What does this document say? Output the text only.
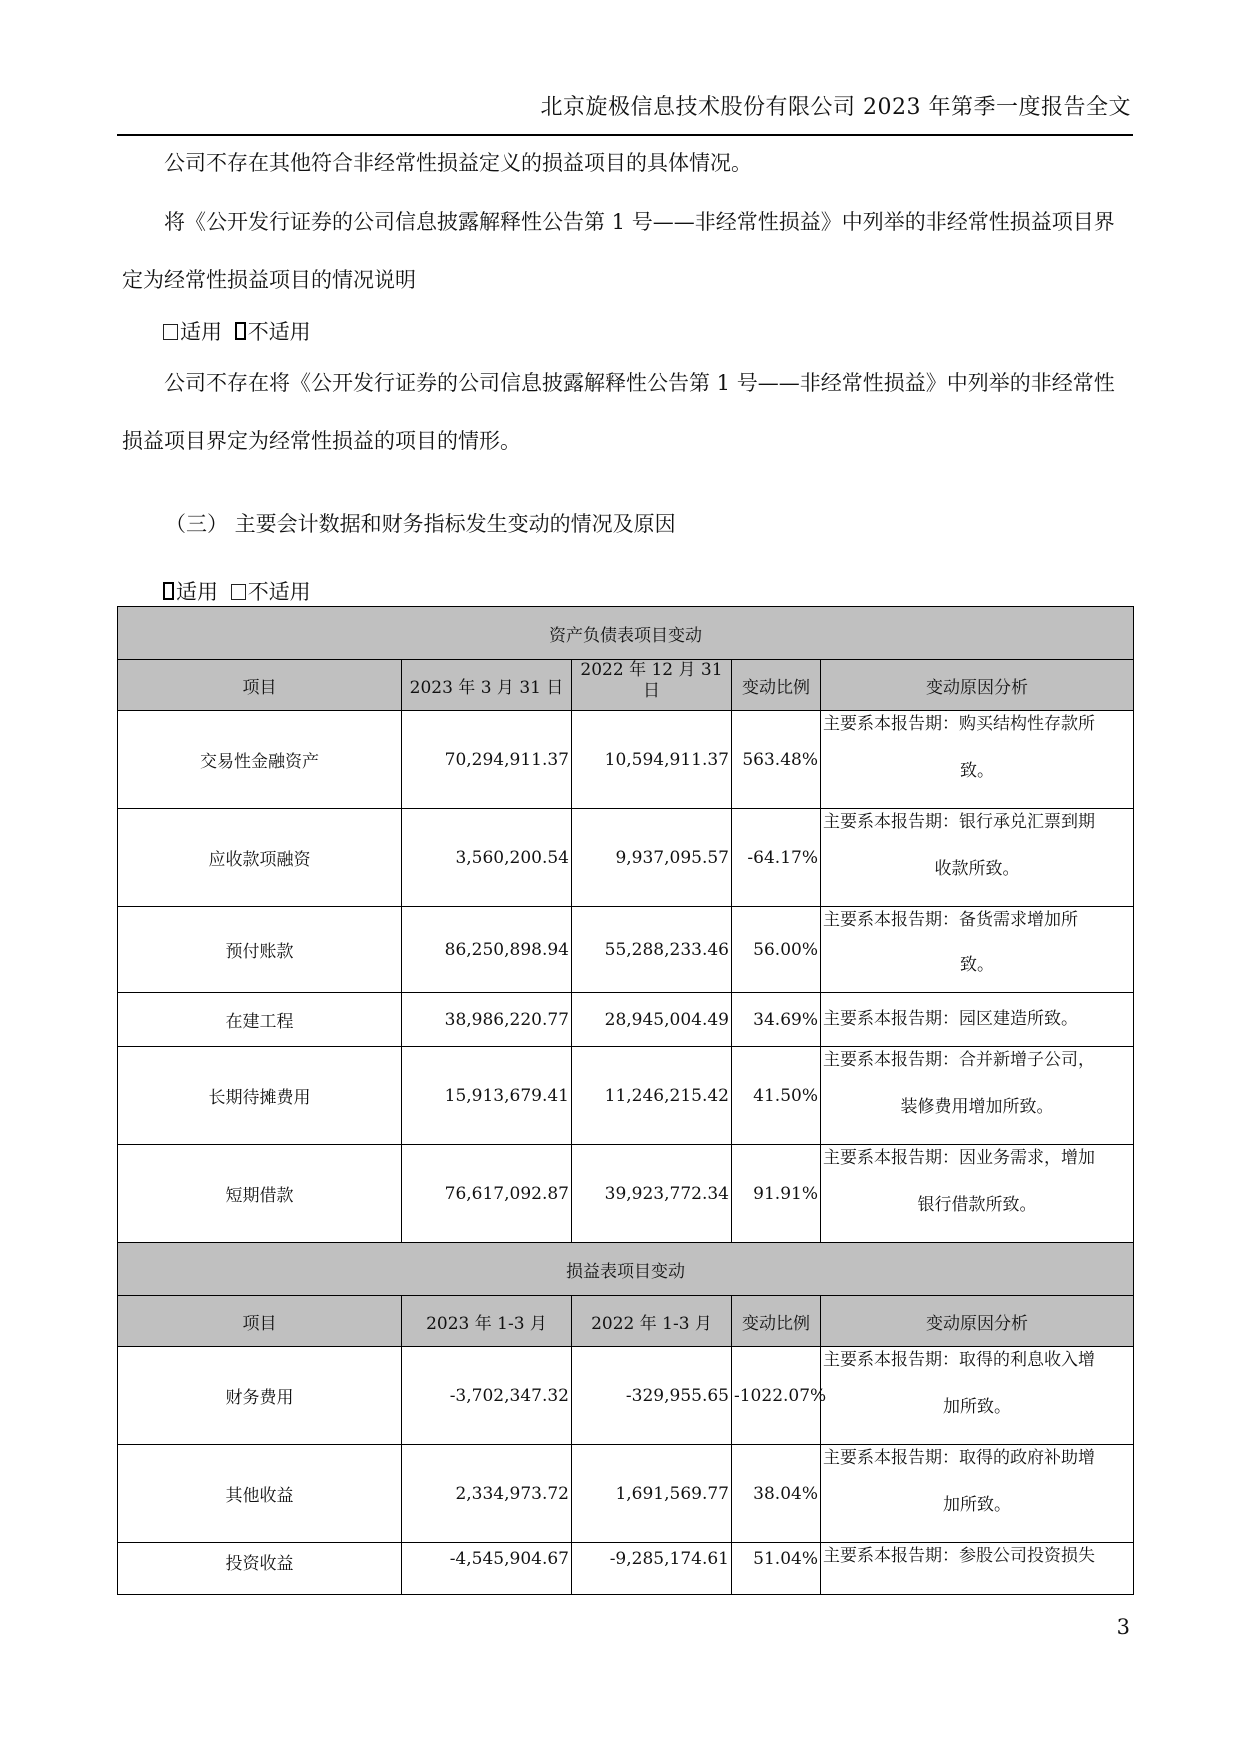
北京旋极信息技术股份有限公司 2023 年第季一度报告全文

公司不存在其他符合非经常性损益定义的损益项目的具体情况。

将《公开发行证券的公司信息披露解释性公告第 1 号——非经常性损益》中列举的非经常性损益项目界定为经常性损益项目的情况说明

适用 不适用

公司不存在将《公开发行证券的公司信息披露解释性公告第 1 号——非经常性损益》中列举的非经常性损益项目界定为经常性损益的项目的情形。

（三） 主要会计数据和财务指标发生变动的情况及原因
适用 不适用
资产负债表项目变动				
项目	2023 年 3 月 31 日	2022 年 12 月 31 日	变动比例	变动原因分析
交易性金融资产	70,294,911.37	10,594,911.37	563.48%	主要系本报告期：购买结构性存款所
致。

应收款项融资	3,560,200.54	9,937,095.57	-64.17%	主要系本报告期：银行承兑汇票到期
收款所致。

预付账款	86,250,898.94	55,288,233.46	56.00%	主要系本报告期：备货需求增加所
致。

在建工程	38,986,220.77	28,945,004.49	34.69%	主要系本报告期：园区建造所致。
长期待摊费用	15,913,679.41	11,246,215.42	41.50%	主要系本报告期：合并新增子公司，
装修费用增加所致。

短期借款	76,617,092.87	39,923,772.34	91.91%	主要系本报告期：因业务需求，增加
银行借款所致。

损益表项目变动				
项目	2023 年 1-3 月	2022 年 1-3 月	变动比例	变动原因分析
财务费用	-3,702,347.32	-329,955.65	-1022.07%	主要系本报告期：取得的利息收入增
加所致。

其他收益	2,334,973.72	1,691,569.77	38.04%	主要系本报告期：取得的政府补助增
加所致。

投资收益	-4,545,904.67	-9,285,174.61	51.04%	主要系本报告期：参股公司投资损失
3
